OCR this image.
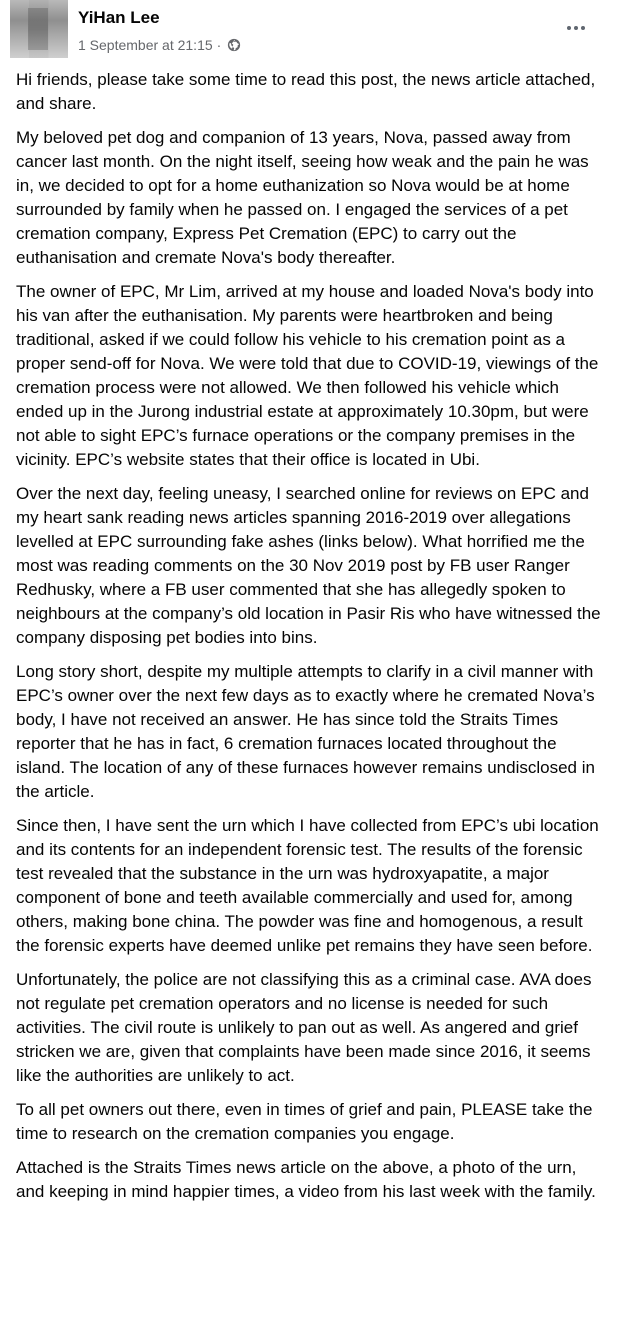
YiHan Lee
1 September at 21:15 ·

Hi friends, please take some time to read this post, the news article attached, and share.

My beloved pet dog and companion of 13 years, Nova, passed away from cancer last month. On the night itself, seeing how weak and the pain he was in, we decided to opt for a home euthanization so Nova would be at home surrounded by family when he passed on. I engaged the services of a pet cremation company, Express Pet Cremation (EPC) to carry out the euthanisation and cremate Nova's body thereafter.

The owner of EPC, Mr Lim, arrived at my house and loaded Nova's body into his van after the euthanisation. My parents were heartbroken and being traditional, asked if we could follow his vehicle to his cremation point as a proper send-off for Nova. We were told that due to COVID-19, viewings of the cremation process were not allowed. We then followed his vehicle which ended up in the Jurong industrial estate at approximately 10.30pm, but were not able to sight EPC’s furnace operations or the company premises in the vicinity. EPC’s website states that their office is located in Ubi.

Over the next day, feeling uneasy, I searched online for reviews on EPC and my heart sank reading news articles spanning 2016-2019 over allegations levelled at EPC surrounding fake ashes (links below). What horrified me the most was reading comments on the 30 Nov 2019 post by FB user Ranger Redhusky, where a FB user commented that she has allegedly spoken to neighbours at the company’s old location in Pasir Ris who have witnessed the company disposing pet bodies into bins.

Long story short, despite my multiple attempts to clarify in a civil manner with EPC’s owner over the next few days as to exactly where he cremated Nova’s body, I have not received an answer. He has since told the Straits Times reporter that he has in fact, 6 cremation furnaces located throughout the island. The location of any of these furnaces however remains undisclosed in the article.

Since then, I have sent the urn which I have collected from EPC’s ubi location and its contents for an independent forensic test. The results of the forensic test revealed that the substance in the urn was hydroxyapatite, a major component of bone and teeth available commercially and used for, among others, making bone china. The powder was fine and homogenous, a result the forensic experts have deemed unlike pet remains they have seen before.

Unfortunately, the police are not classifying this as a criminal case. AVA does not regulate pet cremation operators and no license is needed for such activities. The civil route is unlikely to pan out as well. As angered and grief stricken we are, given that complaints have been made since 2016, it seems like the authorities are unlikely to act.

To all pet owners out there, even in times of grief and pain, PLEASE take the time to research on the cremation companies you engage.

Attached is the Straits Times news article on the above, a photo of the urn, and keeping in mind happier times, a video from his last week with the family.
